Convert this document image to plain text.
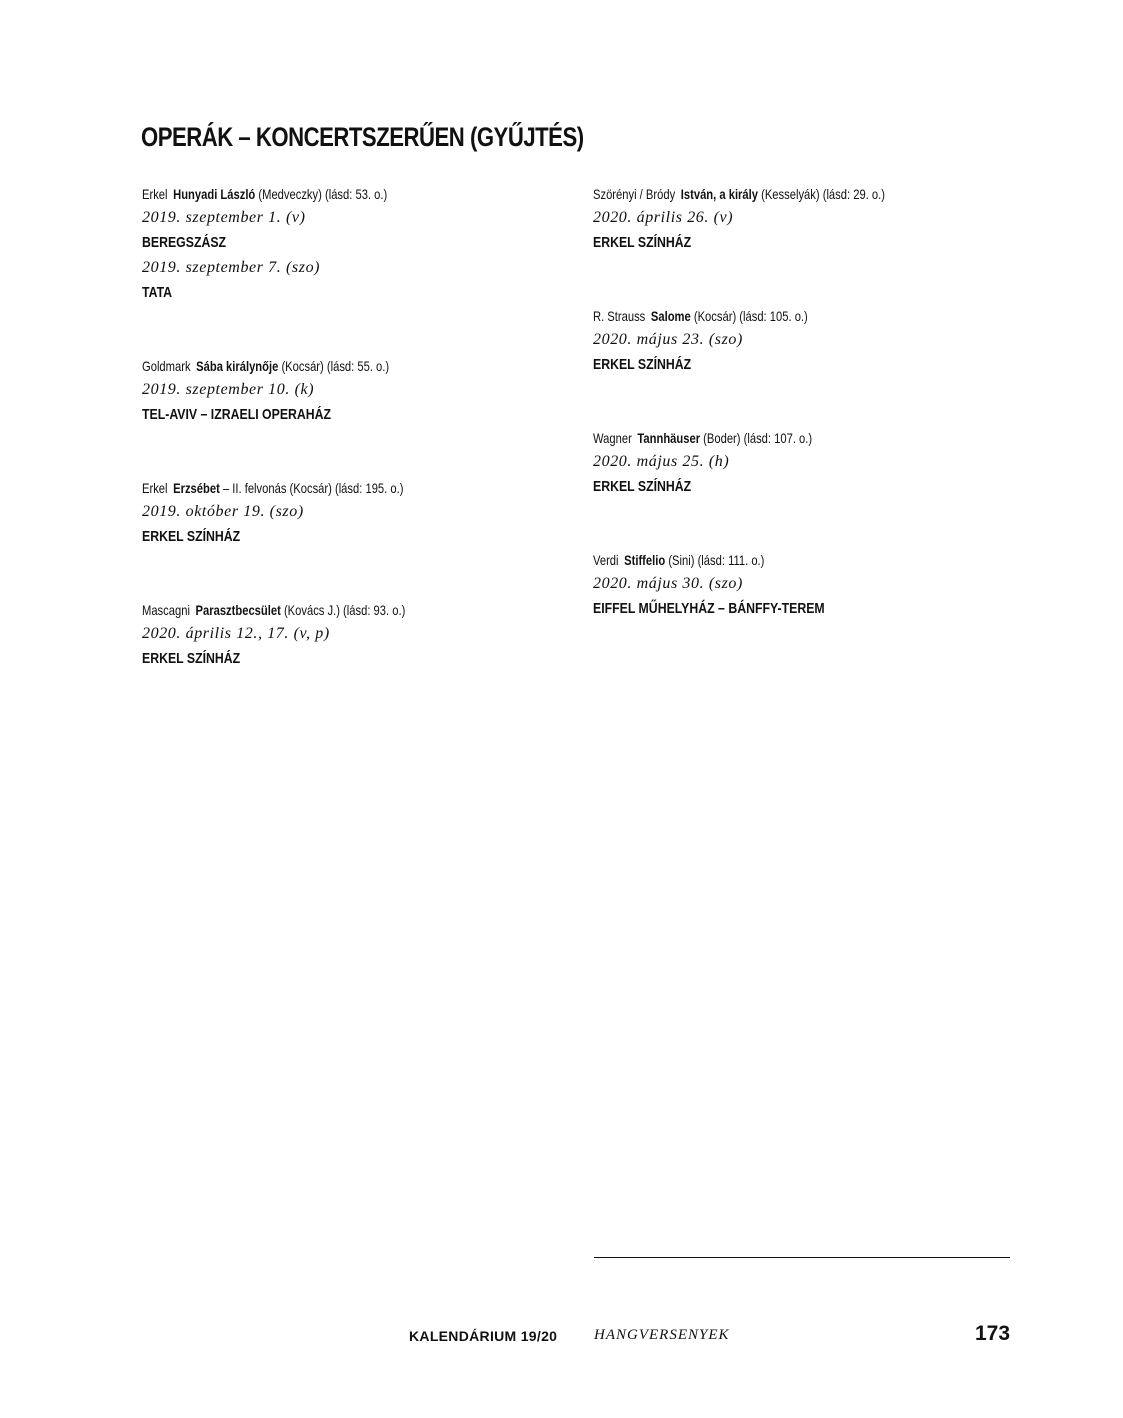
OPERÁK – KONCERTSZERŰEN (GYŰJTÉS)
Erkel Hunyadi László (Medveczky) (lásd: 53. o.)
2019. szeptember 1. (v)
BEREGSZÁSZ
2019. szeptember 7. (szo)
TATA
Goldmark Sába királynője (Kocsár) (lásd: 55. o.)
2019. szeptember 10. (k)
TEL-AVIV – IZRAELI OPERAHÁZ
Erkel Erzsébet – II. felvonás (Kocsár) (lásd: 195. o.)
2019. október 19. (szo)
ERKEL SZÍNHÁZ
Mascagni Parasztbecsület (Kovács J.) (lásd: 93. o.)
2020. április 12., 17. (v, p)
ERKEL SZÍNHÁZ
Szörényi / Bródy István, a király (Kesselyák) (lásd: 29. o.)
2020. április 26. (v)
ERKEL SZÍNHÁZ
R. Strauss Salome (Kocsár) (lásd: 105. o.)
2020. május 23. (szo)
ERKEL SZÍNHÁZ
Wagner Tannhäuser (Boder) (lásd: 107. o.)
2020. május 25. (h)
ERKEL SZÍNHÁZ
Verdi Stiffelio (Sini) (lásd: 111. o.)
2020. május 30. (szo)
EIFFEL MŰHELYHÁZ – BÁNFFY-TEREM
KALENDÁRIUM 19/20 HANGVERSENYEK	173
